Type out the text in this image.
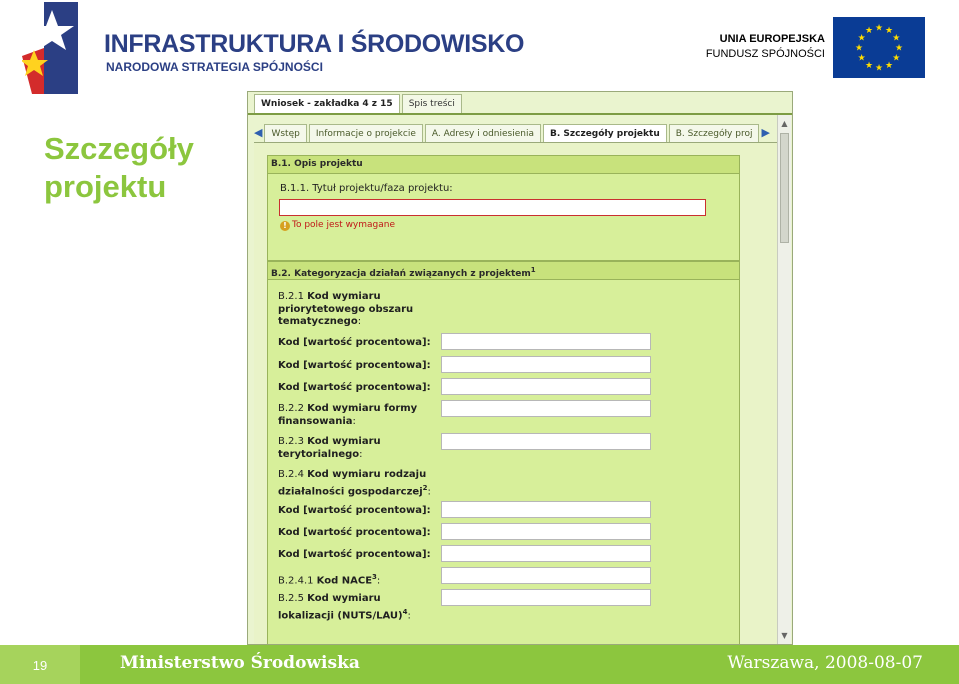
INFRASTRUKTURA I ŚRODOWISKO
NARODOWA STRATEGIA SPÓJNOŚCI
UNIA EUROPEJSKA
FUNDUSZ SPÓJNOŚCI
★ ★
★
★
★
★
★
★
★
★
★
★
Szczegóły
projektu
Wniosek - zakładka 4 z 15	Spis treści
◀	Wstęp	Informacje o projekcie	A. Adresy i odniesienia	B. Szczegóły projektu	B. Szczegóły proj ▶
B.1. Opis projektu
B.1.1. Tytuł projektu/faza projektu:
! To pole jest wymagane
B.2. Kategoryzacja działań związanych z projektem$^1$
B.2.1 Kod wymiaru priorytetowego obszaru tematycznego:
Kod [wartość procentowa]:
Kod [wartość procentowa]:
Kod [wartość procentowa]:
B.2.2 Kod wymiaru formy finansowania:
B.2.3 Kod wymiaru terytorialnego:
B.2.4 Kod wymiaru rodzaju działalności gospodarczej$^2$:
Kod [wartość procentowa]:
Kod [wartość procentowa]:
Kod [wartość procentowa]:
B.2.4.1 Kod NACE$^3$:
B.2.5 Kod wymiaru lokalizacji (NUTS/LAU)$^4$:
▲
▼
19	Ministerstwo Środowiska	Warszawa, 2008-08-07
